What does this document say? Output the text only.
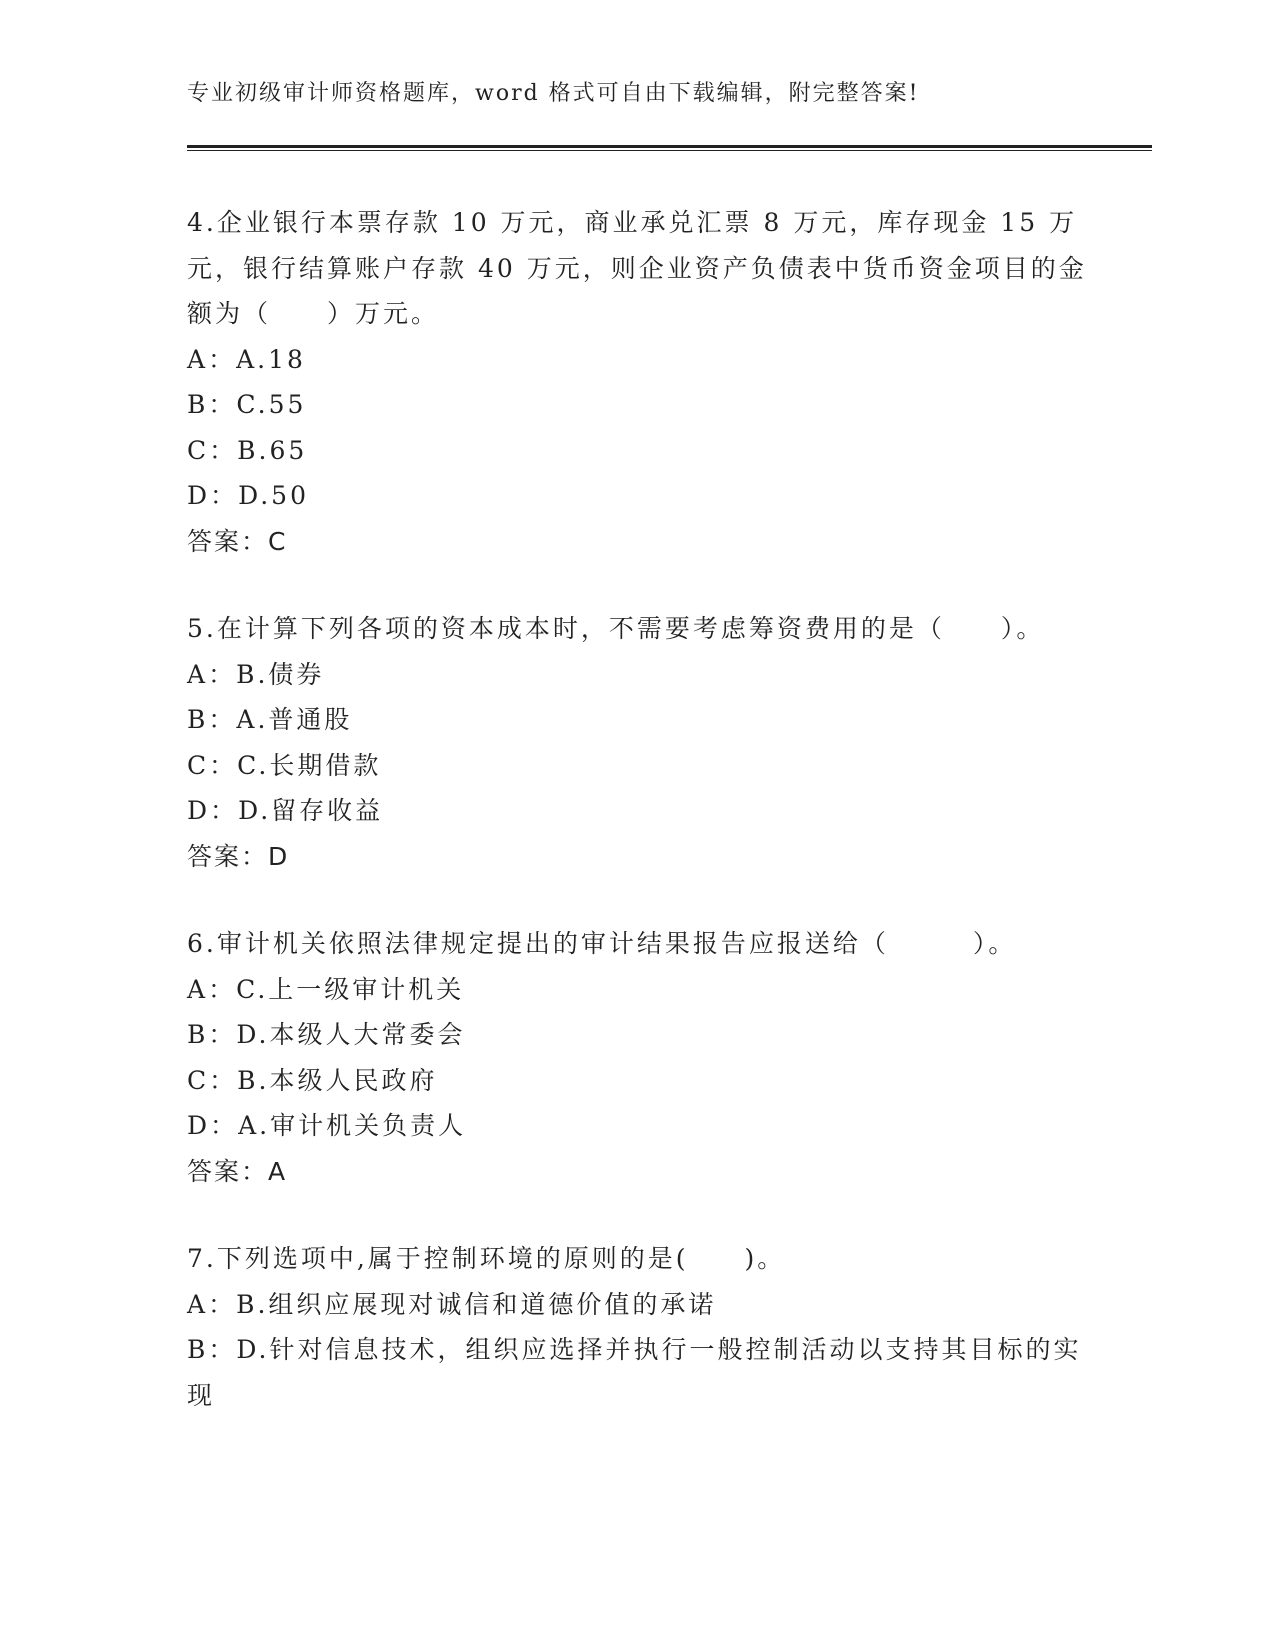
专业初级审计师资格题库，word 格式可自由下载编辑，附完整答案!

4.企业银行本票存款 10 万元，商业承兑汇票 8 万元，库存现金 15 万元，银行结算账户存款 40 万元，则企业资产负债表中货币资金项目的金额为（　　）万元。

A：A.18

B：C.55

C：B.65

D：D.50

答案：C

5.在计算下列各项的资本成本时，不需要考虑筹资费用的是（　　）。

A：B.债券

B：A.普通股

C：C.长期借款

D：D.留存收益

答案：D

6.审计机关依照法律规定提出的审计结果报告应报送给（　　　）。

A：C.上一级审计机关

B：D.本级人大常委会

C：B.本级人民政府

D：A.审计机关负责人

答案：A

7.下列选项中,属于控制环境的原则的是(　　)。

A：B.组织应展现对诚信和道德价值的承诺

B：D.针对信息技术，组织应选择并执行一般控制活动以支持其目标的实现
